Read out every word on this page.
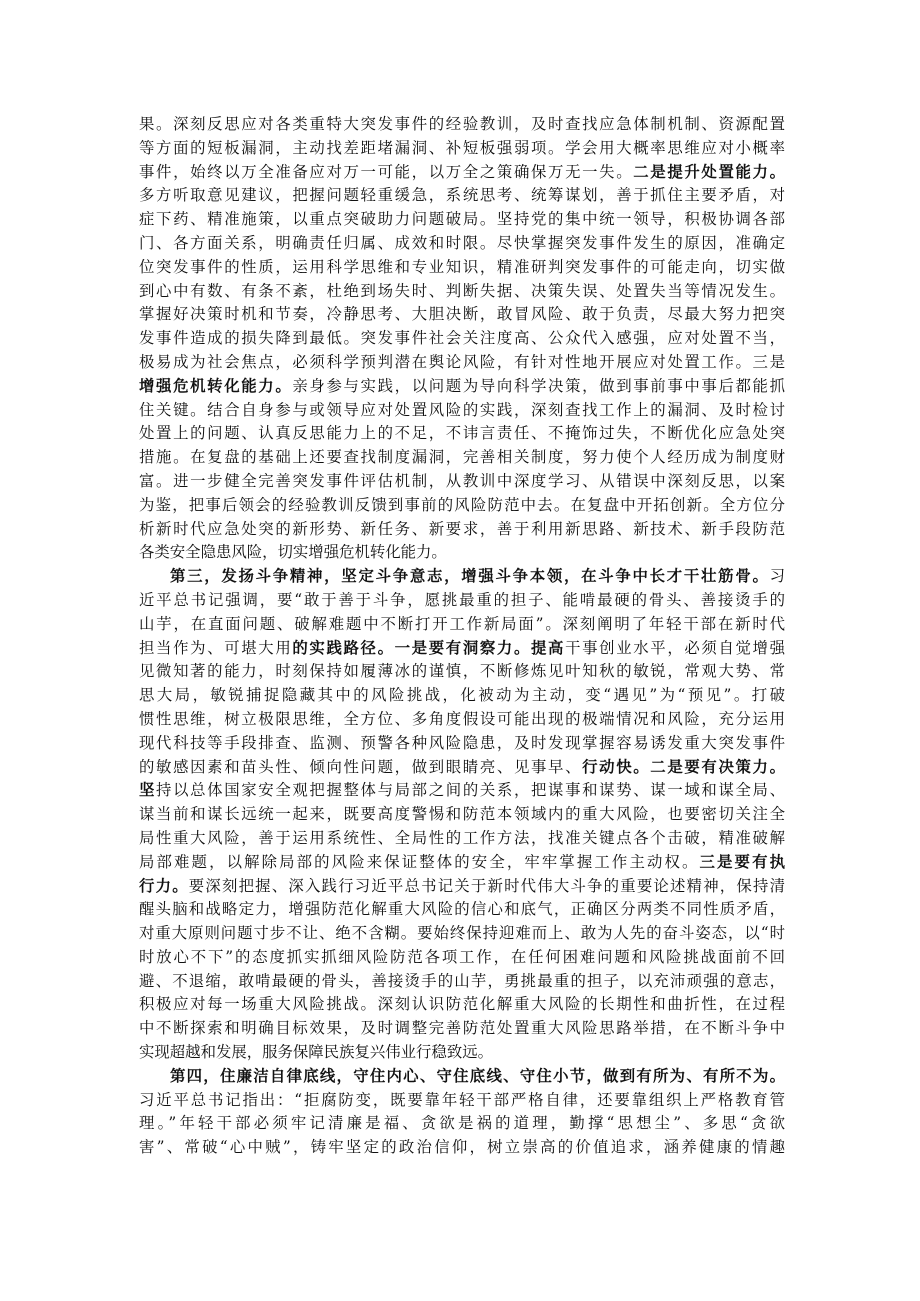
果。深刻反思应对各类重特大突发事件的经验教训，及时查找应急体制机制、资源配置
等方面的短板漏洞，主动找差距堵漏洞、补短板强弱项。学会用大概率思维应对小概率
事件，始终以万全准备应对万一可能，以万全之策确保万无一失。二是提升处置能力。
多方听取意见建议，把握问题轻重缓急，系统思考、统筹谋划，善于抓住主要矛盾，对
症下药、精准施策，以重点突破助力问题破局。坚持党的集中统一领导，积极协调各部
门、各方面关系，明确责任归属、成效和时限。尽快掌握突发事件发生的原因，准确定
位突发事件的性质，运用科学思维和专业知识，精准研判突发事件的可能走向，切实做
到心中有数、有条不紊，杜绝到场失时、判断失据、决策失误、处置失当等情况发生。
掌握好决策时机和节奏，冷静思考、大胆决断，敢冒风险、敢于负责，尽最大努力把突
发事件造成的损失降到最低。突发事件社会关注度高、公众代入感强，应对处置不当，
极易成为社会焦点，必须科学预判潜在舆论风险，有针对性地开展应对处置工作。三是
增强危机转化能力。亲身参与实践，以问题为导向科学决策，做到事前事中事后都能抓
住关键。结合自身参与或领导应对处置风险的实践，深刻查找工作上的漏洞、及时检讨
处置上的问题、认真反思能力上的不足，不讳言责任、不掩饰过失，不断优化应急处突
措施。在复盘的基础上还要查找制度漏洞，完善相关制度，努力使个人经历成为制度财
富。进一步健全完善突发事件评估机制，从教训中深度学习、从错误中深刻反思，以案
为鉴，把事后领会的经验教训反馈到事前的风险防范中去。在复盘中开拓创新。全方位分
析新时代应急处突的新形势、新任务、新要求，善于利用新思路、新技术、新手段防范
各类安全隐患风险，切实增强危机转化能力。
第三，发扬斗争精神，坚定斗争意志，增强斗争本领，在斗争中长才干壮筋骨。习
近平总书记强调，要“敢于善于斗争，愿挑最重的担子、能啃最硬的骨头、善接烫手的
山芋，在直面问题、破解难题中不断打开工作新局面”。深刻阐明了年轻干部在新时代
担当作为、可堪大用的实践路径。一是要有洞察力。提高干事创业水平，必须自觉增强
见微知著的能力，时刻保持如履薄冰的谨慎，不断修炼见叶知秋的敏锐，常观大势、常
思大局，敏锐捕捉隐藏其中的风险挑战，化被动为主动，变“遇见”为“预见”。打破
惯性思维，树立极限思维，全方位、多角度假设可能出现的极端情况和风险，充分运用
现代科技等手段排查、监测、预警各种风险隐患，及时发现掌握容易诱发重大突发事件
的敏感因素和苗头性、倾向性问题，做到眼睛亮、见事早、行动快。二是要有决策力。
坚持以总体国家安全观把握整体与局部之间的关系，把谋事和谋势、谋一域和谋全局、
谋当前和谋长远统一起来，既要高度警惕和防范本领域内的重大风险，也要密切关注全
局性重大风险，善于运用系统性、全局性的工作方法，找准关键点各个击破，精准破解
局部难题，以解除局部的风险来保证整体的安全，牢牢掌握工作主动权。三是要有执
行力。要深刻把握、深入践行习近平总书记关于新时代伟大斗争的重要论述精神，保持清
醒头脑和战略定力，增强防范化解重大风险的信心和底气，正确区分两类不同性质矛盾，
对重大原则问题寸步不让、绝不含糊。要始终保持迎难而上、敢为人先的奋斗姿态，以“时
时放心不下”的态度抓实抓细风险防范各项工作，在任何困难问题和风险挑战面前不回
避、不退缩，敢啃最硬的骨头，善接烫手的山芋，勇挑最重的担子，以充沛顽强的意志，
积极应对每一场重大风险挑战。深刻认识防范化解重大风险的长期性和曲折性，在过程
中不断探索和明确目标效果，及时调整完善防范处置重大风险思路举措，在不断斗争中
实现超越和发展，服务保障民族复兴伟业行稳致远。
第四，住廉洁自律底线，守住内心、守住底线、守住小节，做到有所为、有所不为。
习近平总书记指出：“拒腐防变，既要靠年轻干部严格自律，还要靠组织上严格教育管
理。”年轻干部必须牢记清廉是福、贪欲是祸的道理，勤撑“思想尘”、多思“贪欲
害”、常破“心中贼”，铸牢坚定的政治信仰，树立崇高的价值追求，涵养健康的情趣
